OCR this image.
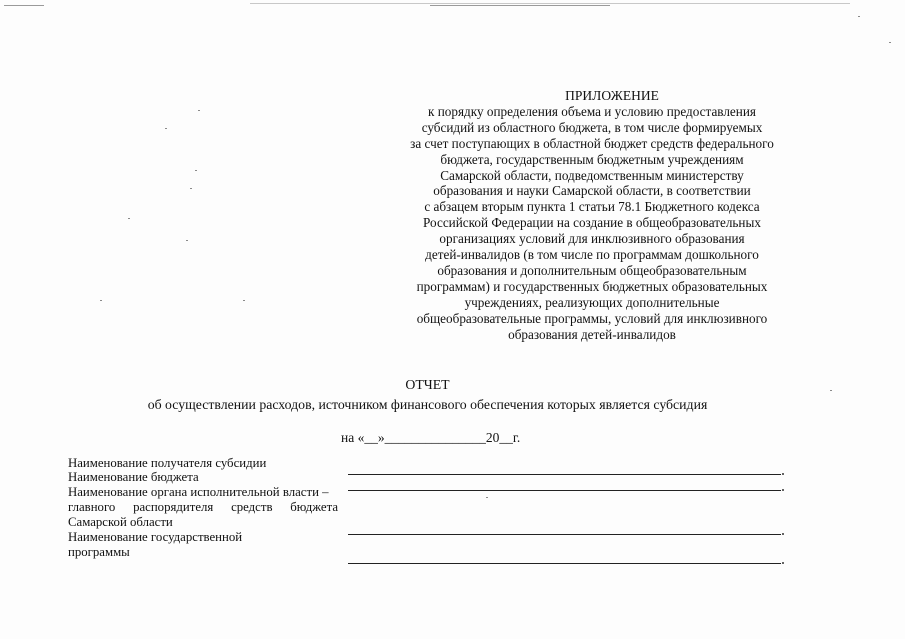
ПРИЛОЖЕНИЕ
к порядку определения объема и условию предоставления
субсидий из областного бюджета, в том числе формируемых
за счет поступающих в областной бюджет средств федерального
бюджета, государственным бюджетным учреждениям
Самарской области, подведомственным министерству
образования и науки Самарской области, в соответствии
с абзацем вторым пункта 1 статьи 78.1 Бюджетного кодекса
Российской Федерации на создание в общеобразовательных
организациях условий для инклюзивного образования
детей-инвалидов (в том числе по программам дошкольного
образования и дополнительным общеобразовательным
программам) и государственных бюджетных образовательных
учреждениях, реализующих дополнительные
общеобразовательные программы, условий для инклюзивного
образования детей-инвалидов
ОТЧЕТ
об осуществлении расходов, источником финансового обеспечения которых является субсидия
на «__»_______________20__г.
Наименование получателя субсидии
Наименование бюджета
Наименование органа исполнительной власти –
главного распорядителя средств бюджета
Самарской области
Наименование государственной
программы
